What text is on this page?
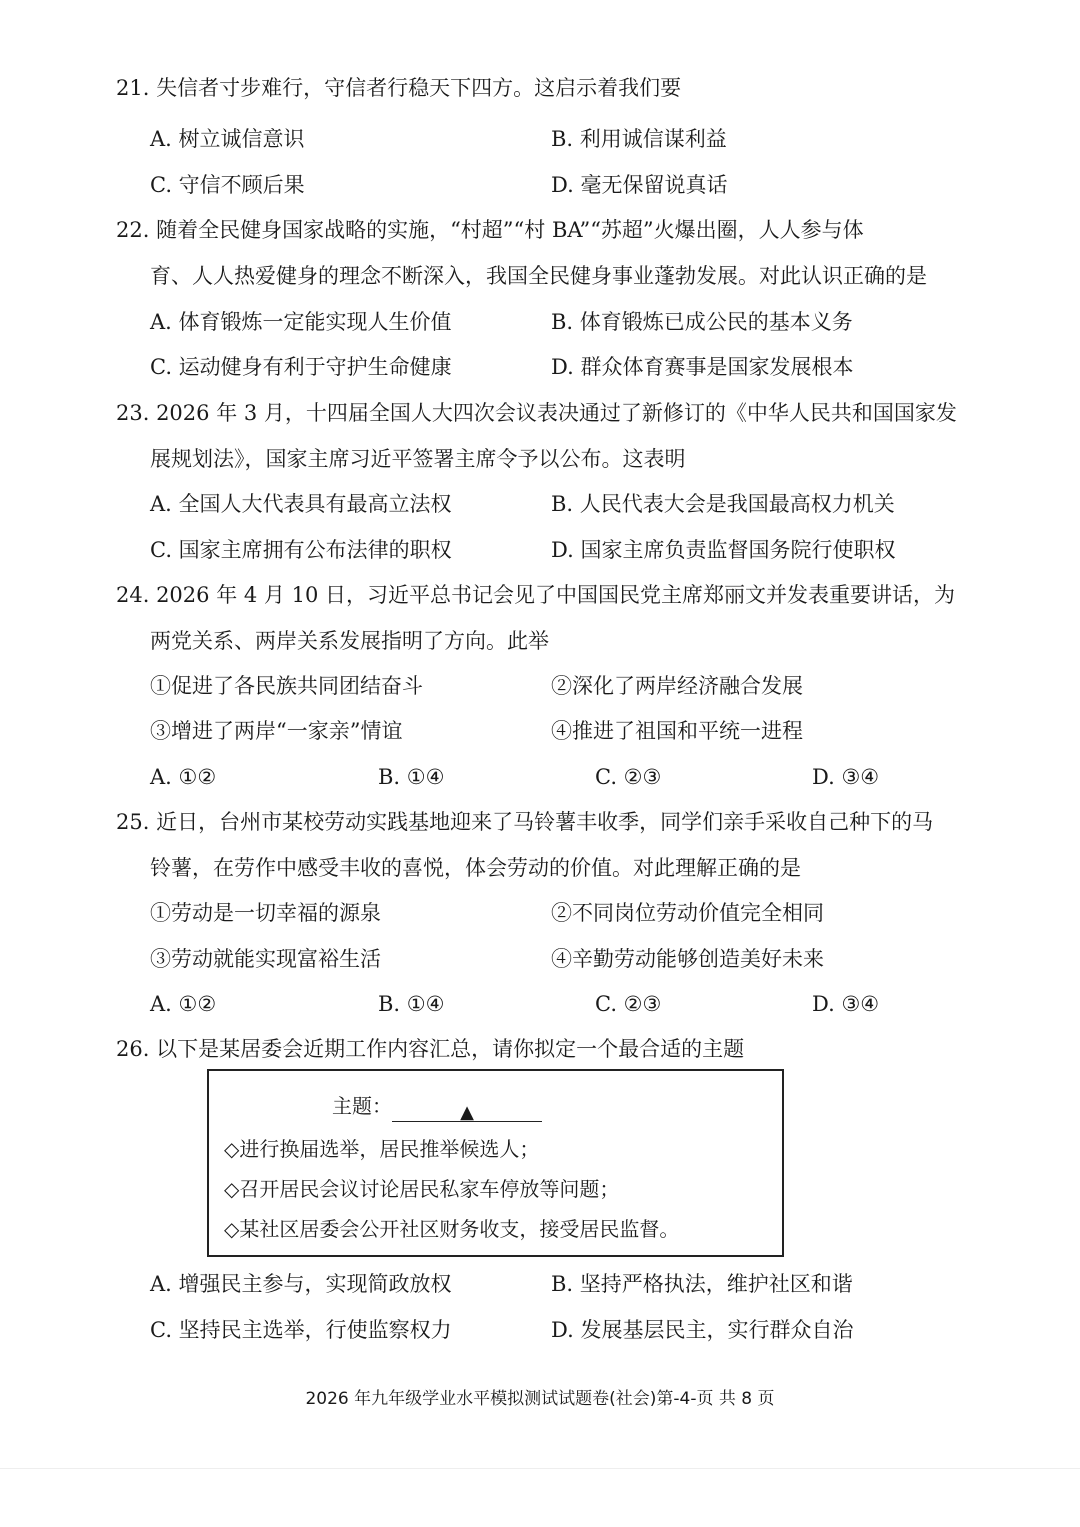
21. 失信者寸步难行，守信者行稳天下四方。这启示着我们要
A. 树立诚信意识	B. 利用诚信谋利益
C. 守信不顾后果	D. 毫无保留说真话
22. 随着全民健身国家战略的实施，“村超”“村 BA”“苏超”火爆出圈，人人参与体
育、人人热爱健身的理念不断深入，我国全民健身事业蓬勃发展。对此认识正确的是
A. 体育锻炼一定能实现人生价值	B. 体育锻炼已成公民的基本义务
C. 运动健身有利于守护生命健康	D. 群众体育赛事是国家发展根本
23. 2026 年 3 月，十四届全国人大四次会议表决通过了新修订的《中华人民共和国国家发
展规划法》，国家主席习近平签署主席令予以公布。这表明
A. 全国人大代表具有最高立法权	B. 人民代表大会是我国最高权力机关
C. 国家主席拥有公布法律的职权	D. 国家主席负责监督国务院行使职权
24. 2026 年 4 月 10 日，习近平总书记会见了中国国民党主席郑丽文并发表重要讲话，为
两党关系、两岸关系发展指明了方向。此举
①促进了各民族共同团结奋斗	②深化了两岸经济融合发展
③增进了两岸“一家亲”情谊	④推进了祖国和平统一进程
A. ①②	B. ①④	C. ②③	D. ③④
25. 近日，台州市某校劳动实践基地迎来了马铃薯丰收季，同学们亲手采收自己种下的马
铃薯，在劳作中感受丰收的喜悦，体会劳动的价值。对此理解正确的是
①劳动是一切幸福的源泉	②不同岗位劳动价值完全相同
③劳动就能实现富裕生活	④辛勤劳动能够创造美好未来
A. ①②	B. ①④	C. ②③	D. ③④
26. 以下是某居委会近期工作内容汇总，请你拟定一个最合适的主题
主题：	▲
◇进行换届选举，居民推举候选人；
◇召开居民会议讨论居民私家车停放等问题；
◇某社区居委会公开社区财务收支，接受居民监督。
A. 增强民主参与，实现简政放权	B. 坚持严格执法，维护社区和谐
C. 坚持民主选举，行使监察权力	D. 发展基层民主，实行群众自治
2026 年九年级学业水平模拟测试试题卷(社会)第-4-页 共 8 页
